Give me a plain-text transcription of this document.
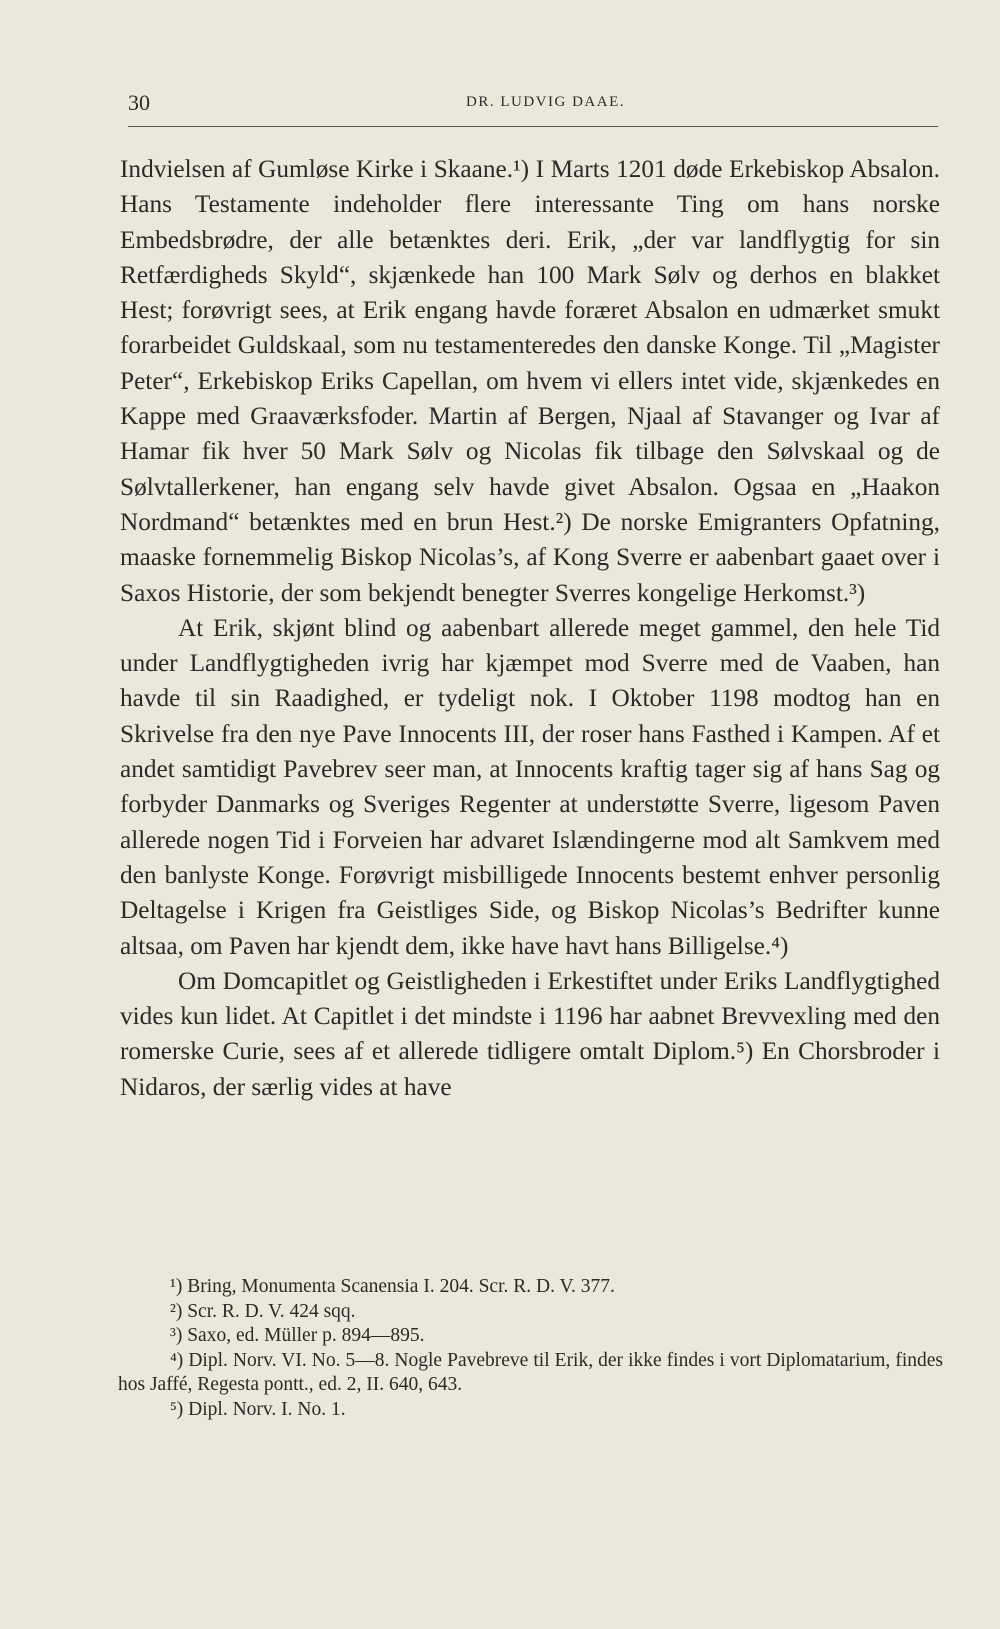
30	DR. LUDVIG DAAE.

Indvielsen af Gumløse Kirke i Skaane.¹) I Marts 1201 døde Erkebiskop Absalon. Hans Testamente indeholder flere interessante Ting om hans norske Embedsbrødre, der alle betænktes deri. Erik, „der var landflygtig for sin Retfærdigheds Skyld“, skjænkede han 100 Mark Sølv og derhos en blakket Hest; forøvrigt sees, at Erik engang havde foræret Absalon en udmærket smukt forarbeidet Guldskaal, som nu testamenteredes den danske Konge. Til „Magister Peter“, Erkebiskop Eriks Capellan, om hvem vi ellers intet vide, skjænkedes en Kappe med Graaværksfoder. Martin af Bergen, Njaal af Stavanger og Ivar af Hamar fik hver 50 Mark Sølv og Nicolas fik tilbage den Sølvskaal og de Sølvtallerkener, han engang selv havde givet Absalon. Ogsaa en „Haakon Nordmand“ betænktes med en brun Hest.²) De norske Emigranters Opfatning, maaske fornemmelig Biskop Nicolas’s, af Kong Sverre er aabenbart gaaet over i Saxos Historie, der som bekjendt benegter Sverres kongelige Herkomst.³)

At Erik, skjønt blind og aabenbart allerede meget gammel, den hele Tid under Landflygtigheden ivrig har kjæmpet mod Sverre med de Vaaben, han havde til sin Raadighed, er tydeligt nok. I Oktober 1198 modtog han en Skrivelse fra den nye Pave Innocents III, der roser hans Fasthed i Kampen. Af et andet samtidigt Pavebrev seer man, at Innocents kraftig tager sig af hans Sag og forbyder Danmarks og Sveriges Regenter at understøtte Sverre, ligesom Paven allerede nogen Tid i Forveien har advaret Islændingerne mod alt Samkvem med den banlyste Konge. Forøvrigt misbilligede Innocents bestemt enhver personlig Deltagelse i Krigen fra Geistliges Side, og Biskop Nicolas’s Bedrifter kunne altsaa, om Paven har kjendt dem, ikke have havt hans Billigelse.⁴)

Om Domcapitlet og Geistligheden i Erkestiftet under Eriks Landflygtighed vides kun lidet. At Capitlet i det mindste i 1196 har aabnet Brevvexling med den romerske Curie, sees af et allerede tidligere omtalt Diplom.⁵) En Chorsbroder i Nidaros, der særlig vides at have

¹) Bring, Monumenta Scanensia I. 204. Scr. R. D. V. 377.

²) Scr. R. D. V. 424 sqq.

³) Saxo, ed. Müller p. 894—895.

⁴) Dipl. Norv. VI. No. 5—8. Nogle Pavebreve til Erik, der ikke findes i vort Diplomatarium, findes hos Jaffé, Regesta pontt., ed. 2, II. 640, 643.

⁵) Dipl. Norv. I. No. 1.
